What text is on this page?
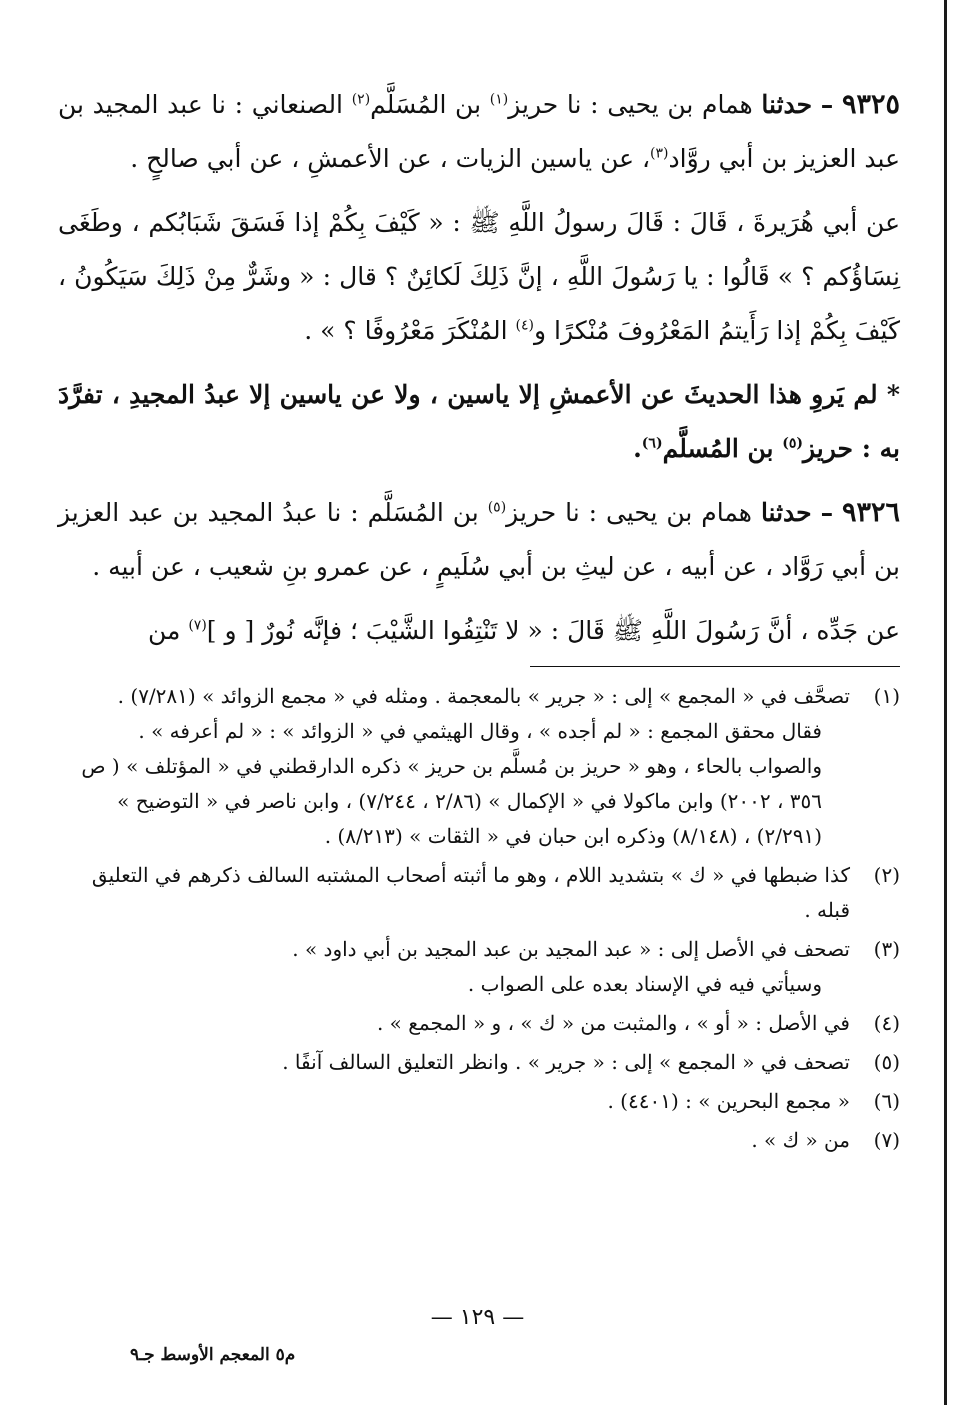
٩٣٢٥ – حدثنا همام بن يحيى : نا حريز$^{(١)}$ بن المُسَلَّم$^{(٢)}$ الصنعاني : نا عبد المجيد بن عبد العزيز بن أبي روَّاد$^{(٣)}$، عن ياسين الزيات ، عن الأعمشِ ، عن أبي صالحٍ .

عن أبي هُرَيرةَ ، قَالَ : قَالَ رسولُ اللَّهِ ﷺ : « كَيْفَ بِكُمْ إذا فَسَقَ شَبَابُكم ، وطَغَى نِسَاؤُكم ؟ » قَالُوا : يا رَسُولَ اللَّهِ ، إنَّ ذَلِكَ لَكائِنٌ ؟ قال : « وشَرٌّ مِنْ ذَلِكَ سَيَكُونُ ، كَيْفَ بِكُمْ إذا رَأَيتمُ المَعْرُوفَ مُنْكرًا و$^{(٤)}$ المُنْكَرَ مَعْرُوفًا ؟ » .

* لم يَروِ هذا الحديثَ عن الأعمشِ إلا ياسين ، ولا عن ياسين إلا عبدُ المجيدِ ، تفرَّدَ به : حريز$^{(٥)}$ بن المُسلَّم$^{(٦)}$.

٩٣٢٦ – حدثنا همام بن يحيى : نا حريز$^{(٥)}$ بن المُسَلَّم : نا عبدُ المجيد بن عبد العزيز بن أبي رَوَّاد ، عن أبيه ، عن ليثِ بن أبي سُلَيمٍ ، عن عمرو بنِ شعيب ، عن أبيه .

عن جَدِّه ، أنَّ رَسُولَ اللَّهِ ﷺ قَالَ : « لا تَنْتِفُوا الشَّيْبَ ؛ فإنَّه نُورٌ [ و ]$^{(٧)}$ من

(١)
تصحَّف في « المجمع » إلى : « جرير » بالمعجمة . ومثله في « مجمع الزوائد » (٧/٢٨١) .
فقال محقق المجمع : « لم أجده » ، وقال الهيثمي في « الزوائد » : « لم أعرفه » .
والصواب بالحاء ، وهو « حريز بن مُسلَّم بن حريز » ذكره الدارقطني في « المؤتلف » ( ص ٣٥٦ ، ٢٠٠٢) وابن ماكولا في « الإكمال » (٢/٨٦ ، ٧/٢٤٤) ، وابن ناصر في « التوضيح » (٢/٢٩١) ، (٨/١٤٨) وذكره ابن حبان في « الثقات » (٨/٢١٣) .
(٢)
كذا ضبطها في « ك » بتشديد اللام ، وهو ما أثبته أصحاب المشتبه السالف ذكرهم في التعليق قبله .
(٣)
تصحف في الأصل إلى : « عبد المجيد بن عبد المجيد بن أبي داود » .
وسيأتي فيه في الإسناد بعده على الصواب .
(٤)
في الأصل : « أو » ، والمثبت من « ك » ، و « المجمع » .
(٥)
تصحف في « المجمع » إلى : « جرير » . وانظر التعليق السالف آنفًا .
(٦)
« مجمع البحرين » : (٤٤٠١) .
(٧)
من « ك » .
— ١٢٩ —
م٥ المعجم الأوسط جـ٩
